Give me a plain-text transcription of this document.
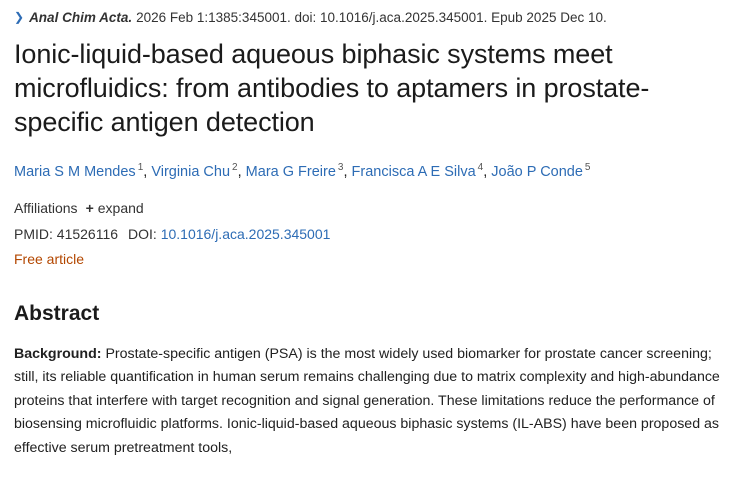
❯ Anal Chim Acta. 2026 Feb 1:1385:345001. doi: 10.1016/j.aca.2025.345001. Epub 2025 Dec 10.
Ionic-liquid-based aqueous biphasic systems meet microfluidics: from antibodies to aptamers in prostate-specific antigen detection
Maria S M Mendes $^1$, Virginia Chu $^2$, Mara G Freire $^3$, Francisca A E Silva $^4$, João P Conde $^5$
Affiliations + expand
PMID: 41526116 DOI: 10.1016/j.aca.2025.345001
Free article
Abstract
Background: Prostate-specific antigen (PSA) is the most widely used biomarker for prostate cancer screening; still, its reliable quantification in human serum remains challenging due to matrix complexity and high-abundance proteins that interfere with target recognition and signal generation. These limitations reduce the performance of biosensing microfluidic platforms. Ionic-liquid-based aqueous biphasic systems (IL-ABS) have been proposed as effective serum pretreatment tools,
